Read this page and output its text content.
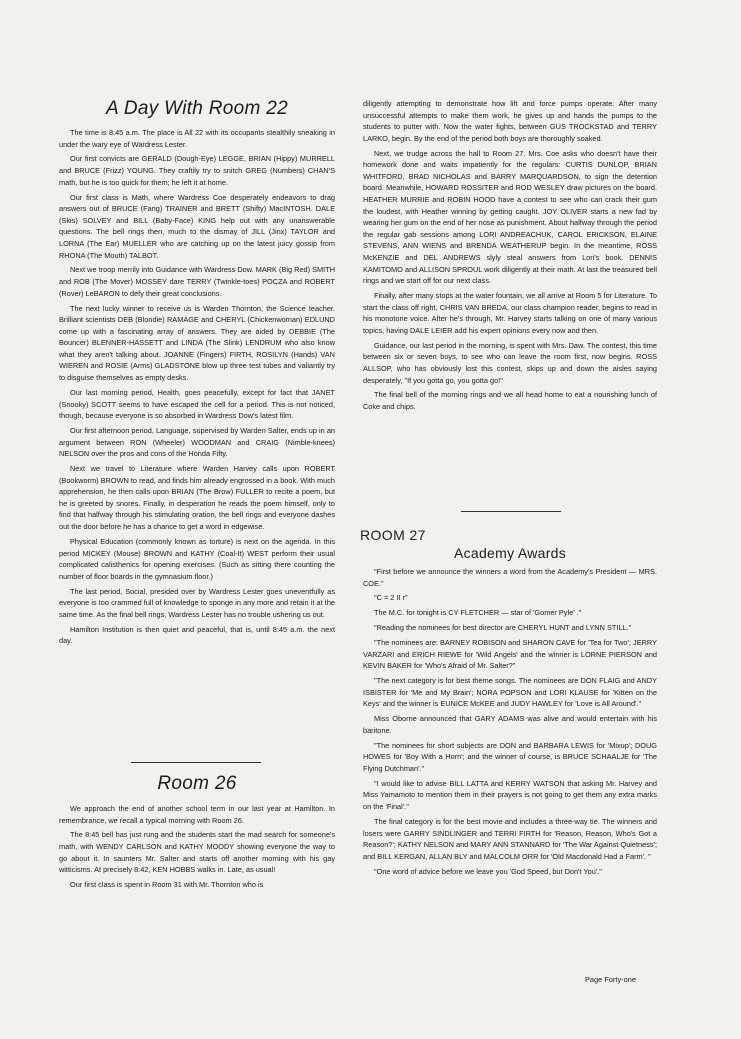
A Day With Room 22

The time is 8:45 a.m. The place is All 22 with its occupants stealthily sneaking in under the wary eye of Wardress Lester.

Our first convicts are GERALD (Dough-Eye) LEGGE, BRIAN (Hippy) MURRELL and BRUCE (Frizz) YOUNG. They craftily try to snitch GREG (Numbers) CHAN'S math, but he is too quick for them; he left it at home.

Our first class is Math, where Wardress Coe desperately endeavors to drag answers out of BRUCE (Fang) TRAINER and BRETT (Shifty) MacINTOSH. DALE (Skis) SOLVEY and BILL (Baby-Face) KING help out with any unanswerable questions. The bell rings then, much to the dismay of JILL (Jinx) TAYLOR and LORNA (The Ear) MUELLER who are catching up on the latest juicy gossip from RHONA (The Mouth) TALBOT.

Next we troop merrily into Guidance with Wardress Dow. MARK (Big Red) SMITH and ROB (The Mover) MOSSEY dare TERRY (Twinkle-toes) POCZA and ROBERT (Rover) LeBARON to defy their great conclusions.

The next lucky winner to receive us is Warden Thornton, the Science teacher. Brilliant scientists DEB (Blondie) RAMAGE and CHERYL (Chickenwoman) EDLUND come up with a fascinating array of answers. They are aided by DEBBIE (The Bouncer) BLENNER-HASSETT and LINDA (The Slink) LENDRUM who also know what they aren't talking about. JOANNE (Fingers) FIRTH, ROSILYN (Hands) VAN WIEREN and ROSIE (Arms) GLADSTONE blow up three test tubes and valiantly try to disguise themselves as empty desks.

Our last morning period, Health, goes peacefully, except for fact that JANET (Snooky) SCOTT seems to have escaped the cell for a period. This is not noticed, though, because everyone is so absorbed in Wardress Dow's latest film.

Our first afternoon period, Language, supervised by Warden Salter, ends up in an argument between RON (Wheeler) WOODMAN and CRAIG (Nimble-knees) NELSON over the pros and cons of the Honda Fifty.

Next we travel to Literature where Warden Harvey calls upon ROBERT (Bookworm) BROWN to read, and finds him already engrossed in a book. With much apprehension, he then calls upon BRIAN (The Brow) FULLER to recite a poem, but he is greeted by snores. Finally, in desperation he reads the poem himself, only to find that halfway through his stimulating oration, the bell rings and everyone dashes out the door before he has a chance to get a word in edgewise.

Physical Education (commonly known as torture) is next on the agenda. In this period MICKEY (Mouse) BROWN and KATHY (Coal-It) WEST perform their usual complicated calisthenics for opening exercises. (Such as sitting there counting the number of floor boards in the gymnasium floor.)

The last period, Social, presided over by Wardress Lester goes uneventfully as everyone is too crammed full of knowledge to sponge in any more and retain it at the same time. As the final bell rings, Wardress Lester has no trouble ushering us out.

Hamilton Institution is then quiet and peaceful, that is, until 8:45 a.m. the next day.

Room 26

We approach the end of another school term in our last year at Hamilton. In remembrance, we recall a typical morning with Room 26.

The 8:45 bell has just rung and the students start the mad search for someone's math, with WENDY CARLSON and KATHY MOODY showing everyone the way to go about it. In saunters Mr. Salter and starts off another morning with his gay witticisms. At precisely 8:42, KEN HOBBS walks in. Late, as usual!

Our first class is spent in Room 31 with Mr. Thornton who is

diligently attempting to demonstrate how lift and force pumps operate. After many unsuccessful attempts to make them work, he gives up and hands the pumps to the students to putter with. Now the water fights, between GUS TROCKSTAD and TERRY LARKO, begin. By the end of the period both boys are thoroughly soaked.

Next, we trudge across the hall to Room 27. Mrs. Coe asks who doesn't have their homework done and waits impatiently for the regulars: CURTIS DUNLOP, BRIAN WHITFORD, BRAD NICHOLAS and BARRY MARQUARDSON, to sign the detention board. Meanwhile, HOWARD ROSSITER and ROD WESLEY draw pictures on the board. HEATHER MURRIE and ROBIN HOOD have a contest to see who can crack their gum the loudest, with Heather winning by getting caught. JOY OLIVER starts a new fad by wearing her gum on the end of her nose as punishment. About halfway through the period the regular gab sessions among LORI ANDREACHUK, CAROL ERICKSON, ELAINE STEVENS, ANN WIENS and BRENDA WEATHERUP begin. In the meantime, ROSS McKENZIE and DEL ANDREWS slyly steal answers from Lori's book. DENNIS KAMITOMO and ALLISON SPROUL work diligently at their math. At last the treasured bell rings and we start off for our next class.

Finally, after many stops at the water fountain, we all arrive at Room 5 for Literature. To start the class off right, CHRIS VAN BREDA, our class champion reader, begins to read in his monotone voice. After he's through, Mr. Harvey starts talking on one of many various topics, having DALE LEIER add his expert opinions every now and then.

Guidance, our last period in the morning, is spent with Mrs. Daw. The contest, this time between six or seven boys, to see who can leave the room first, now begins. ROSS ALLSOP, who has obviously lost this contest, skips up and down the aisles saying desperately, "If you gotta go, you gotta go!"

The final bell of the morning rings and we all head home to eat a nourishing lunch of Coke and chips.

ROOM 27
Academy Awards

"First before we announce the winners a word from the Academy's President — MRS. COE."

"C = 2 II r"

The M.C. for tonight is CY FLETCHER — star of 'Gomer Pyle' ."

"Reading the nominees for best director are CHERYL HUNT and LYNN STILL."

"The nominees are: BARNEY ROBISON and SHARON CAVE for 'Tea for Two'; JERRY VARZARI and ERICH RIEWE for 'Wild Angels' and the winner is LORNE PIERSON and KEVIN BAKER for 'Who's Afraid of Mr. Salter?"

"The next category is for best theme songs. The nominees are DON FLAIG and ANDY ISBISTER for 'Me and My Brain'; NORA POPSON and LORI KLAUSE for 'Kitten on the Keys' and the winner is EUNICE McKEE and JUDY HAWLEY for 'Love is All Around'."

Miss Oborne announced that GARY ADAMS was alive and would entertain with his baritone.

"The nominees for short subjects are DON and BARBARA LEWIS for 'Mixup'; DOUG HOWES for 'Boy With a Horn'; and the winner of course, is BRUCE SCHAALJE for 'The Flying Dutchman'."

"I would like to advise BILL LATTA and KERRY WATSON that asking Mr. Harvey and Miss Yamamoto to mention them in their prayers is not going to get them any extra marks on the 'Final'."

The final category is for the best movie and includes a three-way tie. The winners and losers were GARRY SINDLINGER and TERRI FIRTH for 'Reason, Reason, Who's Got a Reason?'; KATHY NELSON and MARY ANN STANNARD for 'The War Against Quietness'; and BILL KERGAN, ALLAN BLY and MALCOLM ORR for 'Old Macdonald Had a Farm'. "

"One word of advice before we leave you 'God Speed, but Don't You'."

Page Forty-one
